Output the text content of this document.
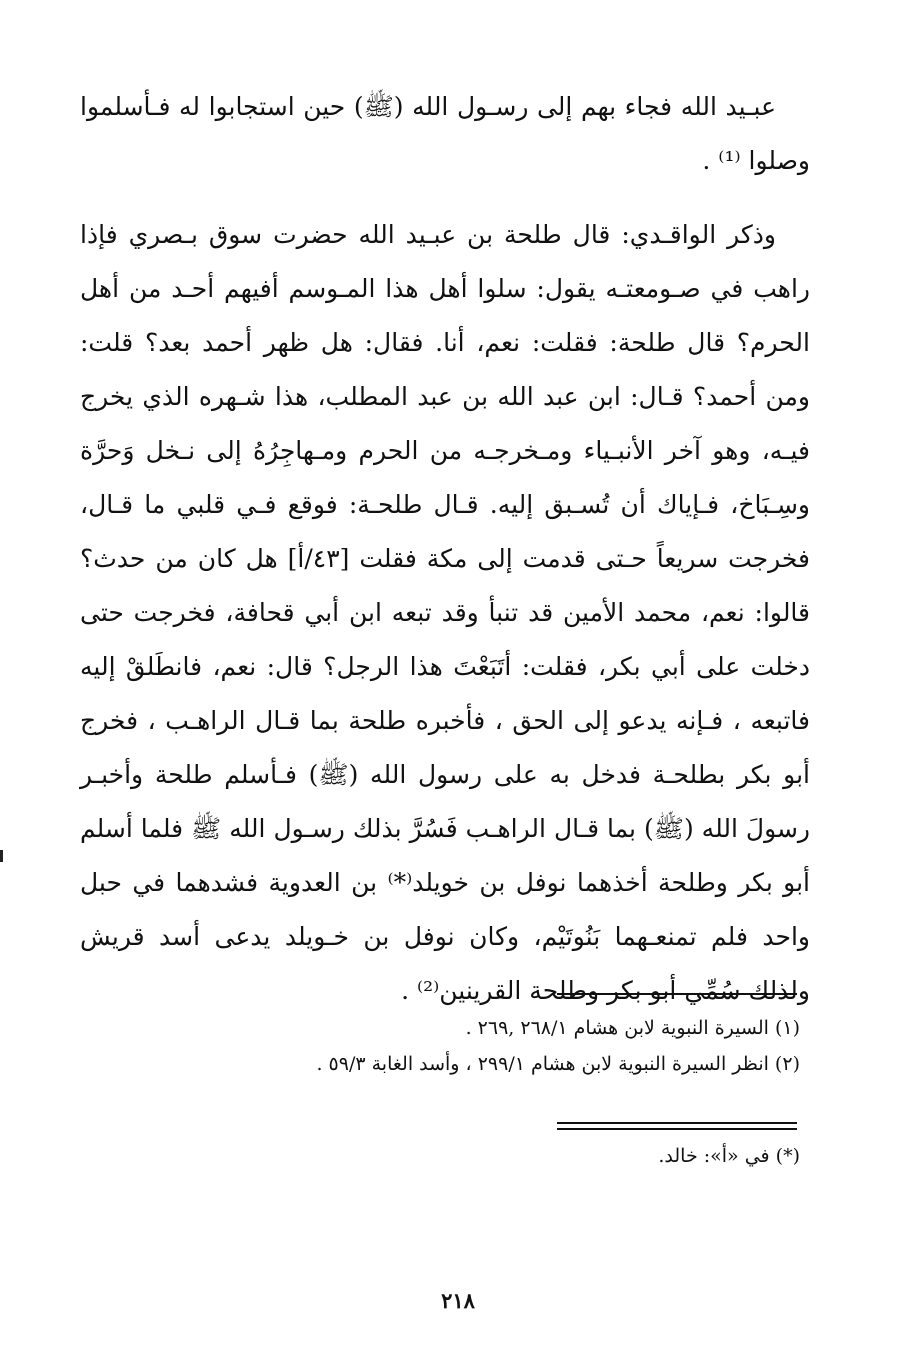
عبـيد الله فجاء بهم إلى رسـول الله (ﷺ) حين استجابوا له فـأسلموا وصلوا ⁽¹⁾ .

وذكر الواقـدي: قال طلحة بن عبـيد الله حضرت سوق بـصري فإذا راهب في صـومعتـه يقول: سلوا أهل هذا المـوسم أفيهم أحـد من أهل الحرم؟ قال طلحة: فقلت: نعم، أنا. فقال: هل ظهر أحمد بعد؟ قلت: ومن أحمد؟ قـال: ابن عبد الله بن عبد المطلب، هذا شـهره الذي يخرج فيـه، وهو آخر الأنبـياء ومـخرجـه من الحرم ومـهاجِرُهُ إلى نـخل وَحرَّة وسِـبَاخ، فـإياك أن تُسـبق إليه. قـال طلحـة: فوقع فـي قلبي ما قـال، فخرجت سريعاً حـتى قدمت إلى مكة فقلت [٤٣/أ] هل كان من حدث؟ قالوا: نعم، محمد الأمين قد تنبأ وقد تبعه ابن أبي قحافة، فخرجت حتى دخلت على أبي بكر، فقلت: أتَبَعْتَ هذا الرجل؟ قال: نعم، فانطَلقْ إليه فاتبعه ، فـإنه يدعو إلى الحق ، فأخبره طلحة بما قـال الراهـب ، فخرج أبو بكر بطلحـة فدخل به على رسول الله (ﷺ) فـأسلم طلحة وأخبـر رسولَ الله (ﷺ) بما قـال الراهـب فَسُرَّ بذلك رسـول الله ﷺ فلما أسلم أبو بكر وطلحة أخذهما نوفل بن خويلد⁽*⁾ بن العدوية فشدهما في حبل واحد فلم تمنعـهما بَنُوتَيْم، وكان نوفل بن خـويلد يدعى أسد قريش ولذلك سُمِّي أبو بكر وطلحة القرينين⁽²⁾ .

(١) السيرة النبوية لابن هشام ٢٦٨/١ ,٢٦٩ .

(٢) انظر السيرة النبوية لابن هشام ٢٩٩/١ ، وأسد الغابة ٥٩/٣ .

(*) في «أ»: خالد.

٢١٨
